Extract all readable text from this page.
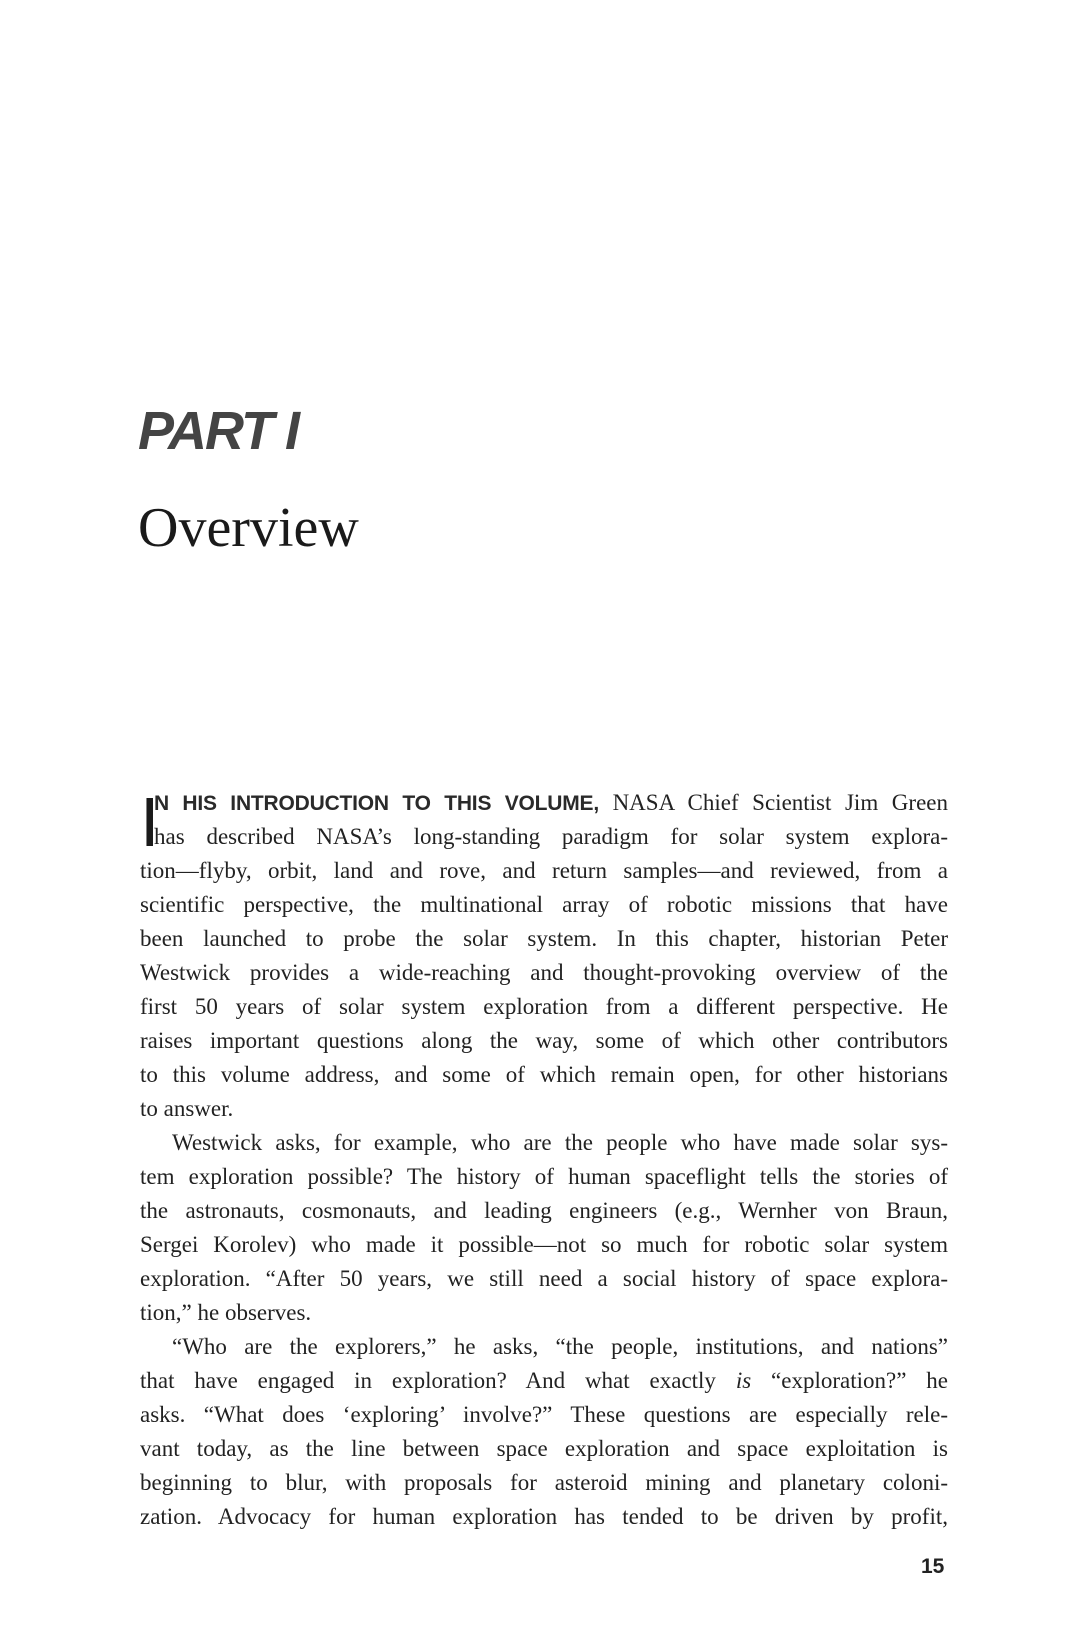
PART I
Overview
I
N HIS INTRODUCTION TO THIS VOLUME, NASA Chief Scientist Jim Green
has described NASA’s long-standing paradigm for solar system explora-
tion—flyby, orbit, land and rove, and return samples—and reviewed, from a
scientific perspective, the multinational array of robotic missions that have
been launched to probe the solar system. In this chapter, historian Peter
Westwick provides a wide-reaching and thought-provoking overview of the
first 50 years of solar system exploration from a different perspective. He
raises important questions along the way, some of which other contributors
to this volume address, and some of which remain open, for other historians
to answer.
Westwick asks, for example, who are the people who have made solar sys-
tem exploration possible? The history of human spaceflight tells the stories of
the astronauts, cosmonauts, and leading engineers (e.g., Wernher von Braun,
Sergei Korolev) who made it possible—not so much for robotic solar system
exploration. “After 50 years, we still need a social history of space explora-
tion,” he observes.
“Who are the explorers,” he asks, “the people, institutions, and nations”
that have engaged in exploration? And what exactly is “exploration?” he
asks. “What does ‘exploring’ involve?” These questions are especially rele-
vant today, as the line between space exploration and space exploitation is
beginning to blur, with proposals for asteroid mining and planetary coloni-
zation. Advocacy for human exploration has tended to be driven by profit,
15
